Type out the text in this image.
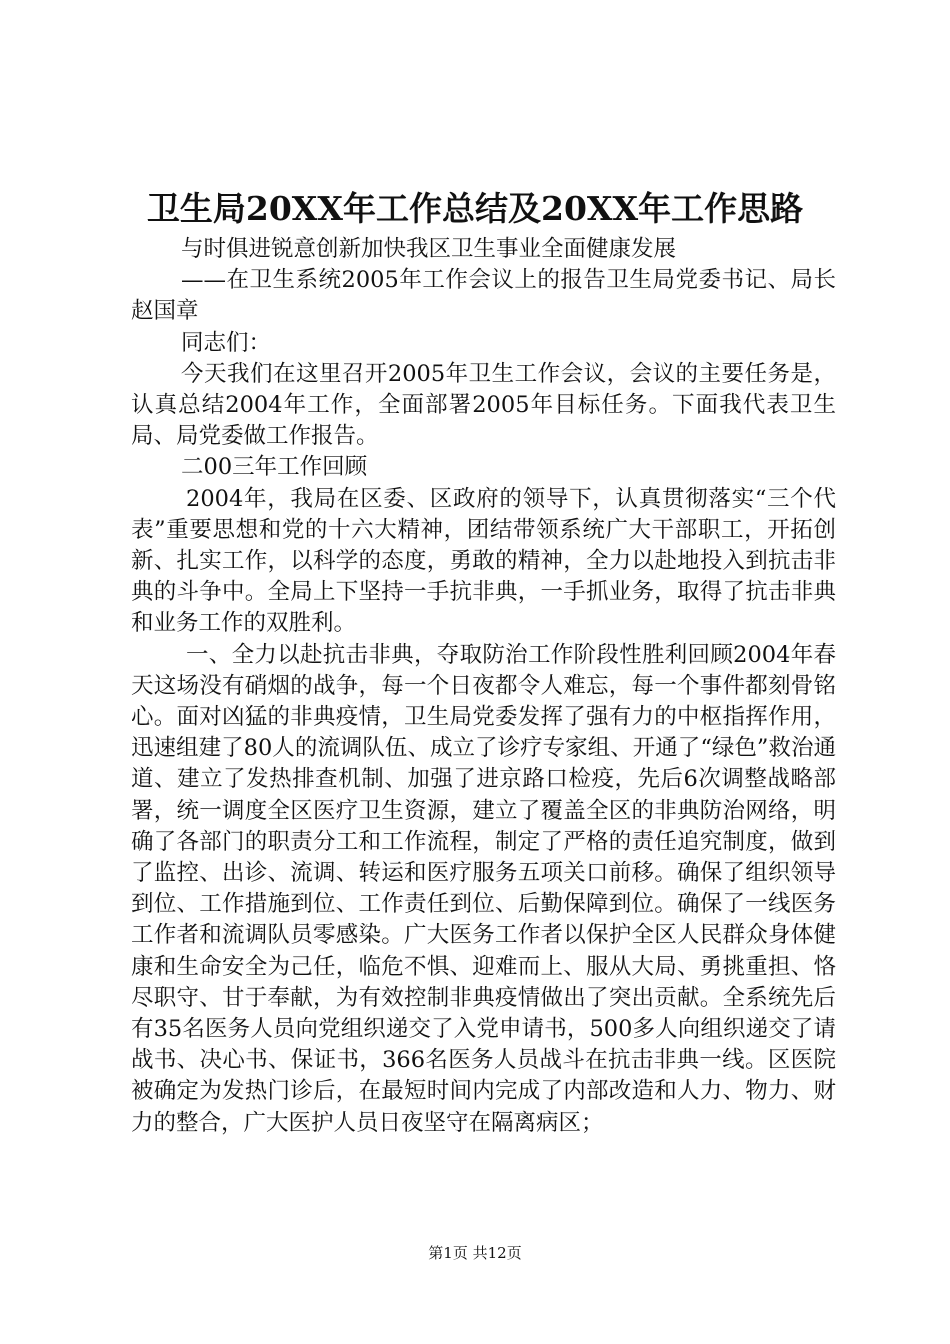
卫生局20XX年工作总结及20XX年工作思路

与时俱进锐意创新加快我区卫生事业全面健康发展

——在卫生系统2005年工作会议上的报告卫生局党委书记、局长赵国章

同志们：

今天我们在这里召开2005年卫生工作会议，会议的主要任务是，认真总结2004年工作，全面部署2005年目标任务。下面我代表卫生局、局党委做工作报告。

二00三年工作回顾

2004年，我局在区委、区政府的领导下，认真贯彻落实“三个代表”重要思想和党的十六大精神，团结带领系统广大干部职工，开拓创新、扎实工作，以科学的态度，勇敢的精神，全力以赴地投入到抗击非典的斗争中。全局上下坚持一手抗非典，一手抓业务，取得了抗击非典和业务工作的双胜利。

一、全力以赴抗击非典，夺取防治工作阶段性胜利回顾2004年春天这场没有硝烟的战争，每一个日夜都令人难忘，每一个事件都刻骨铭心。面对凶猛的非典疫情，卫生局党委发挥了强有力的中枢指挥作用，迅速组建了80人的流调队伍、成立了诊疗专家组、开通了“绿色”救治通道、建立了发热排查机制、加强了进京路口检疫，先后6次调整战略部署，统一调度全区医疗卫生资源，建立了覆盖全区的非典防治网络，明确了各部门的职责分工和工作流程，制定了严格的责任追究制度，做到了监控、出诊、流调、转运和医疗服务五项关口前移。确保了组织领导到位、工作措施到位、工作责任到位、后勤保障到位。确保了一线医务工作者和流调队员零感染。广大医务工作者以保护全区人民群众身体健康和生命安全为己任，临危不惧、迎难而上、服从大局、勇挑重担、恪尽职守、甘于奉献，为有效控制非典疫情做出了突出贡献。全系统先后有35名医务人员向党组织递交了入党申请书，500多人向组织递交了请战书、决心书、保证书，366名医务人员战斗在抗击非典一线。区医院被确定为发热门诊后，在最短时间内完成了内部改造和人力、物力、财力的整合，广大医护人员日夜坚守在隔离病区；

第1页 共12页
